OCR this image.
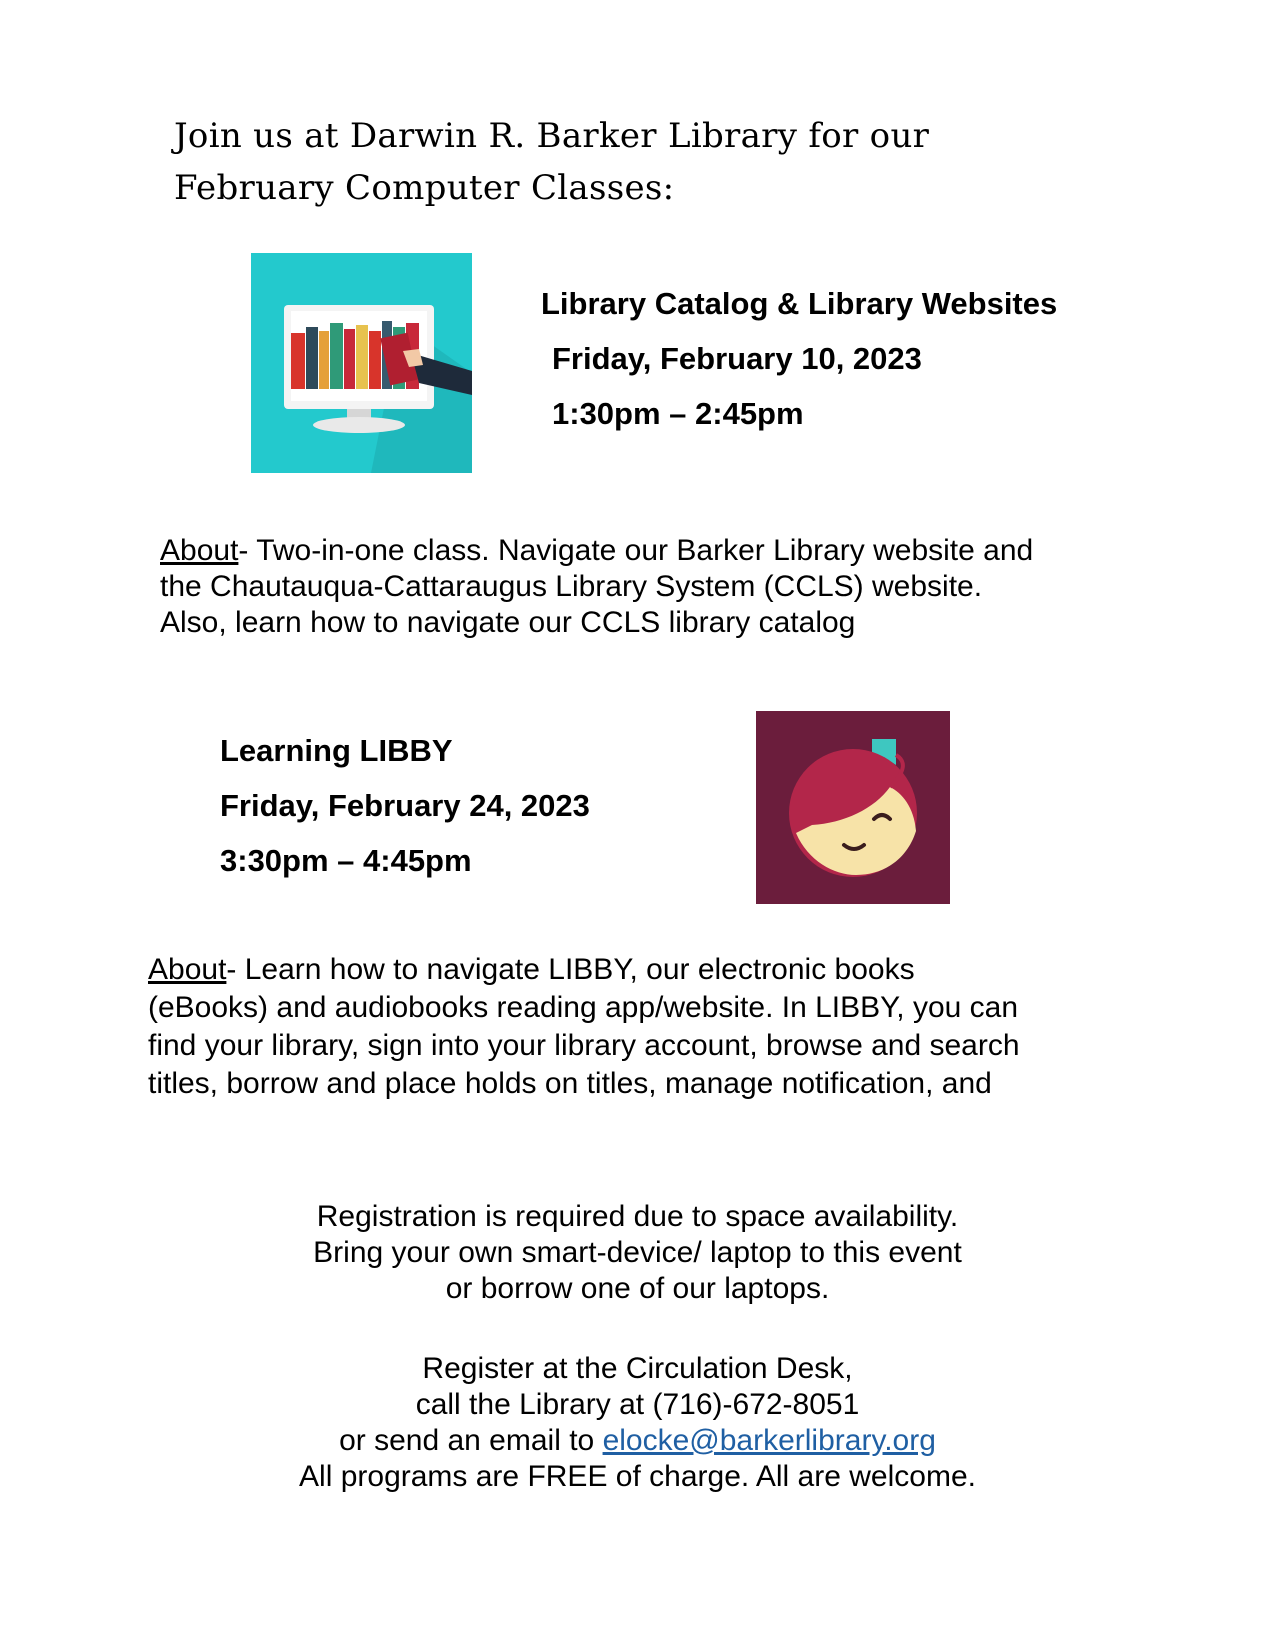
Join us at Darwin R. Barker Library for our
February Computer Classes:
Library Catalog & Library Websites
Friday, February 10, 2023
1:30pm – 2:45pm
About- Two-in-one class. Navigate our Barker Library website and
the Chautauqua-Cattaraugus Library System (CCLS) website.
Also, learn how to navigate our CCLS library catalog
Learning LIBBY
Friday, February 24, 2023
3:30pm – 4:45pm
About- Learn how to navigate LIBBY, our electronic books
(eBooks) and audiobooks reading app/website. In LIBBY, you can
find your library, sign into your library account, browse and search
titles, borrow and place holds on titles, manage notification, and
Registration is required due to space availability.
Bring your own smart-device/ laptop to this event
or borrow one of our laptops.
Register at the Circulation Desk,
call the Library at (716)-672-8051
or send an email to elocke@barkerlibrary.org
All programs are FREE of charge. All are welcome.
